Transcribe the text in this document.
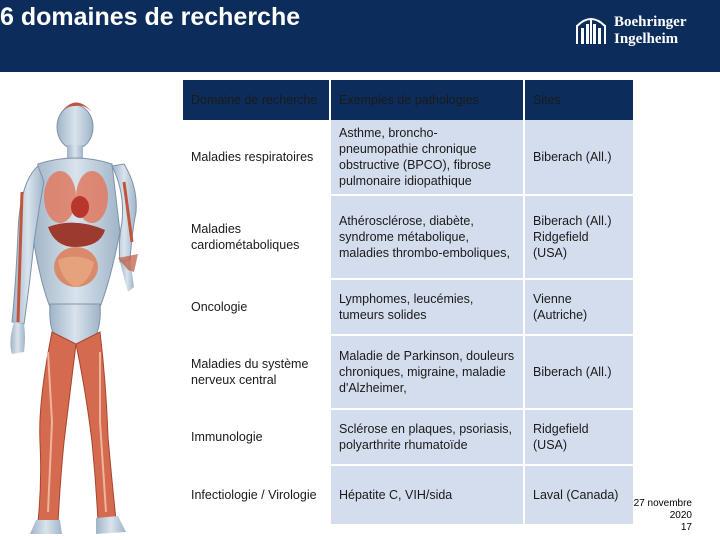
6 domaines de recherche	Boehringer
Ingelheim
Domaine de recherche	Exemples de pathologies	Sites
Maladies respiratoires	Asthme, broncho-pneumopathie chronique obstructive (BPCO), fibrose pulmonaire idiopathique	Biberach (All.)
Maladies cardiométaboliques	Athérosclérose, diabète, syndrome métabolique, maladies thrombo-emboliques,	Biberach (All.) Ridgefield (USA)
Oncologie	Lymphomes, leucémies, tumeurs solides	Vienne (Autriche)
Maladies du système nerveux central	Maladie de Parkinson, douleurs chroniques, migraine, maladie d'Alzheimer,	Biberach (All.)
Immunologie	Sclérose en plaques, psoriasis, polyarthrite rhumatoïde	Ridgefield (USA)
Infectiologie / Virologie	Hépatite C, VIH/sida	Laval (Canada)
27 novembre
2020
17
